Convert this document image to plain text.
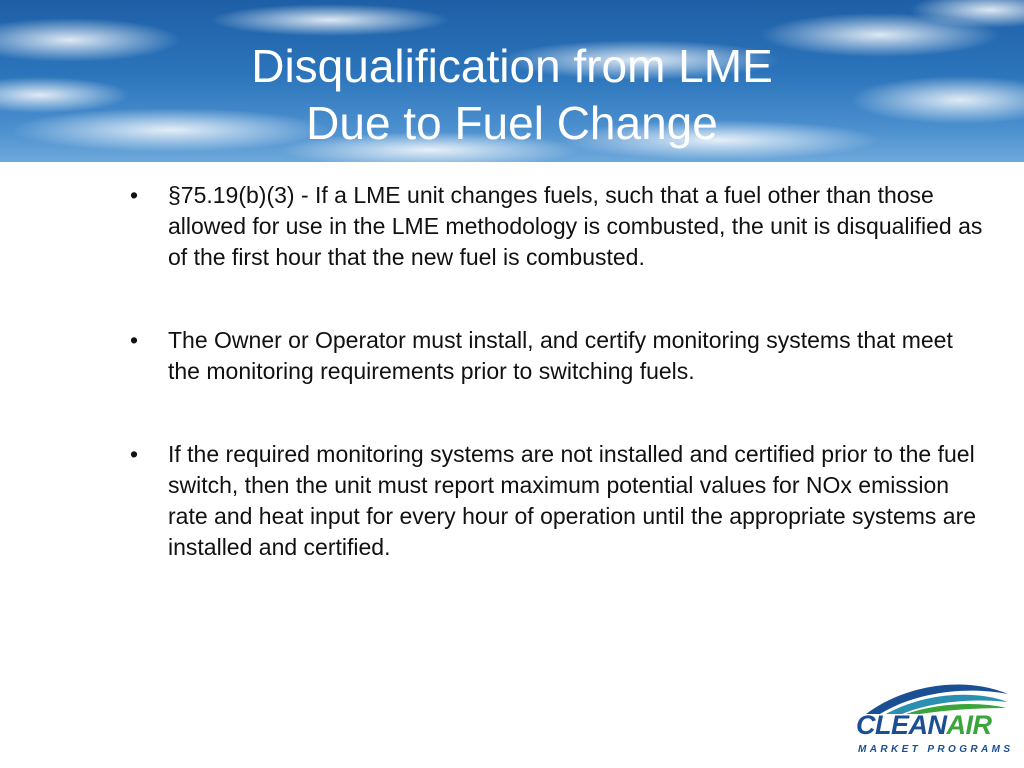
Disqualification from LME
Due to Fuel Change
• §75.19(b)(3) - If a LME unit changes fuels, such that a fuel other than those allowed for use in the LME methodology is combusted, the unit is disqualified as of the first hour that the new fuel is combusted.
• The Owner or Operator must install, and certify monitoring systems that meet the monitoring requirements prior to switching fuels.
• If the required monitoring systems are not installed and certified prior to the fuel switch, then the unit must report maximum potential values for NOx emission rate and heat input for every hour of operation until the appropriate systems are installed and certified.
CLEANAIR
MARKET PROGRAMS
